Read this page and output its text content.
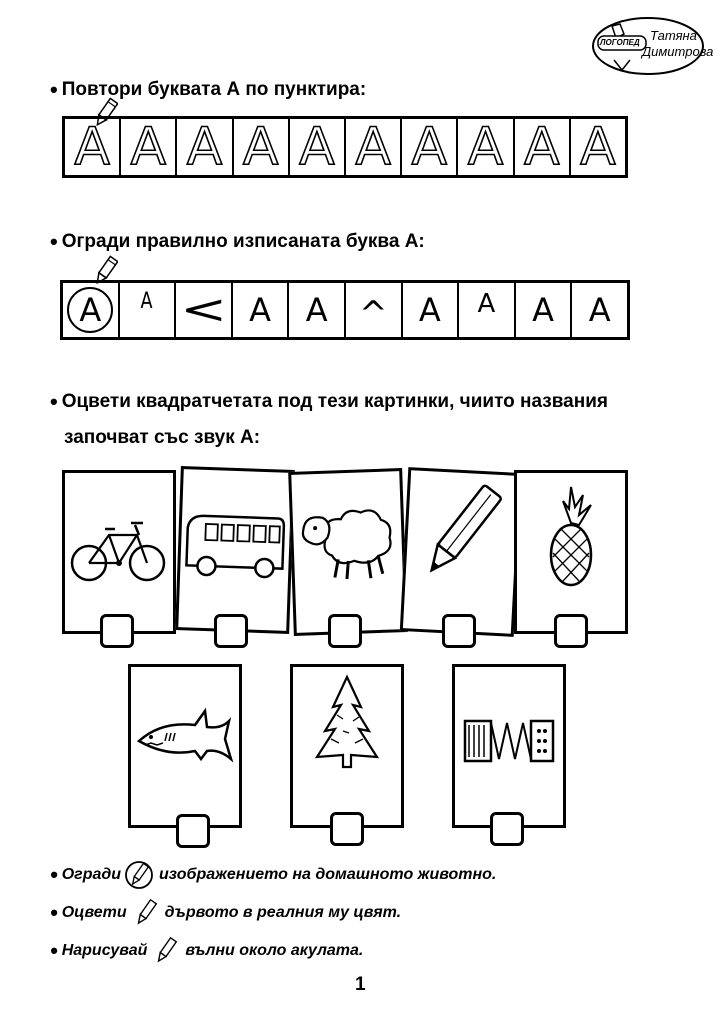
ЛОГОПЕД Татяна
Димитрова
• Повтори буквата А по пунктира:
A A A A A A A A A A
• Огради правилно изписаната буква А:
A A < A A ^ A A A A
• Оцвети квадратчетата под тези картинки, чиито названия
започват със звук А:
• Огради изображението на домашното животно.
• Оцвети дървото в реалния му цвят.
• Нарисувай вълни около акулата.
1
